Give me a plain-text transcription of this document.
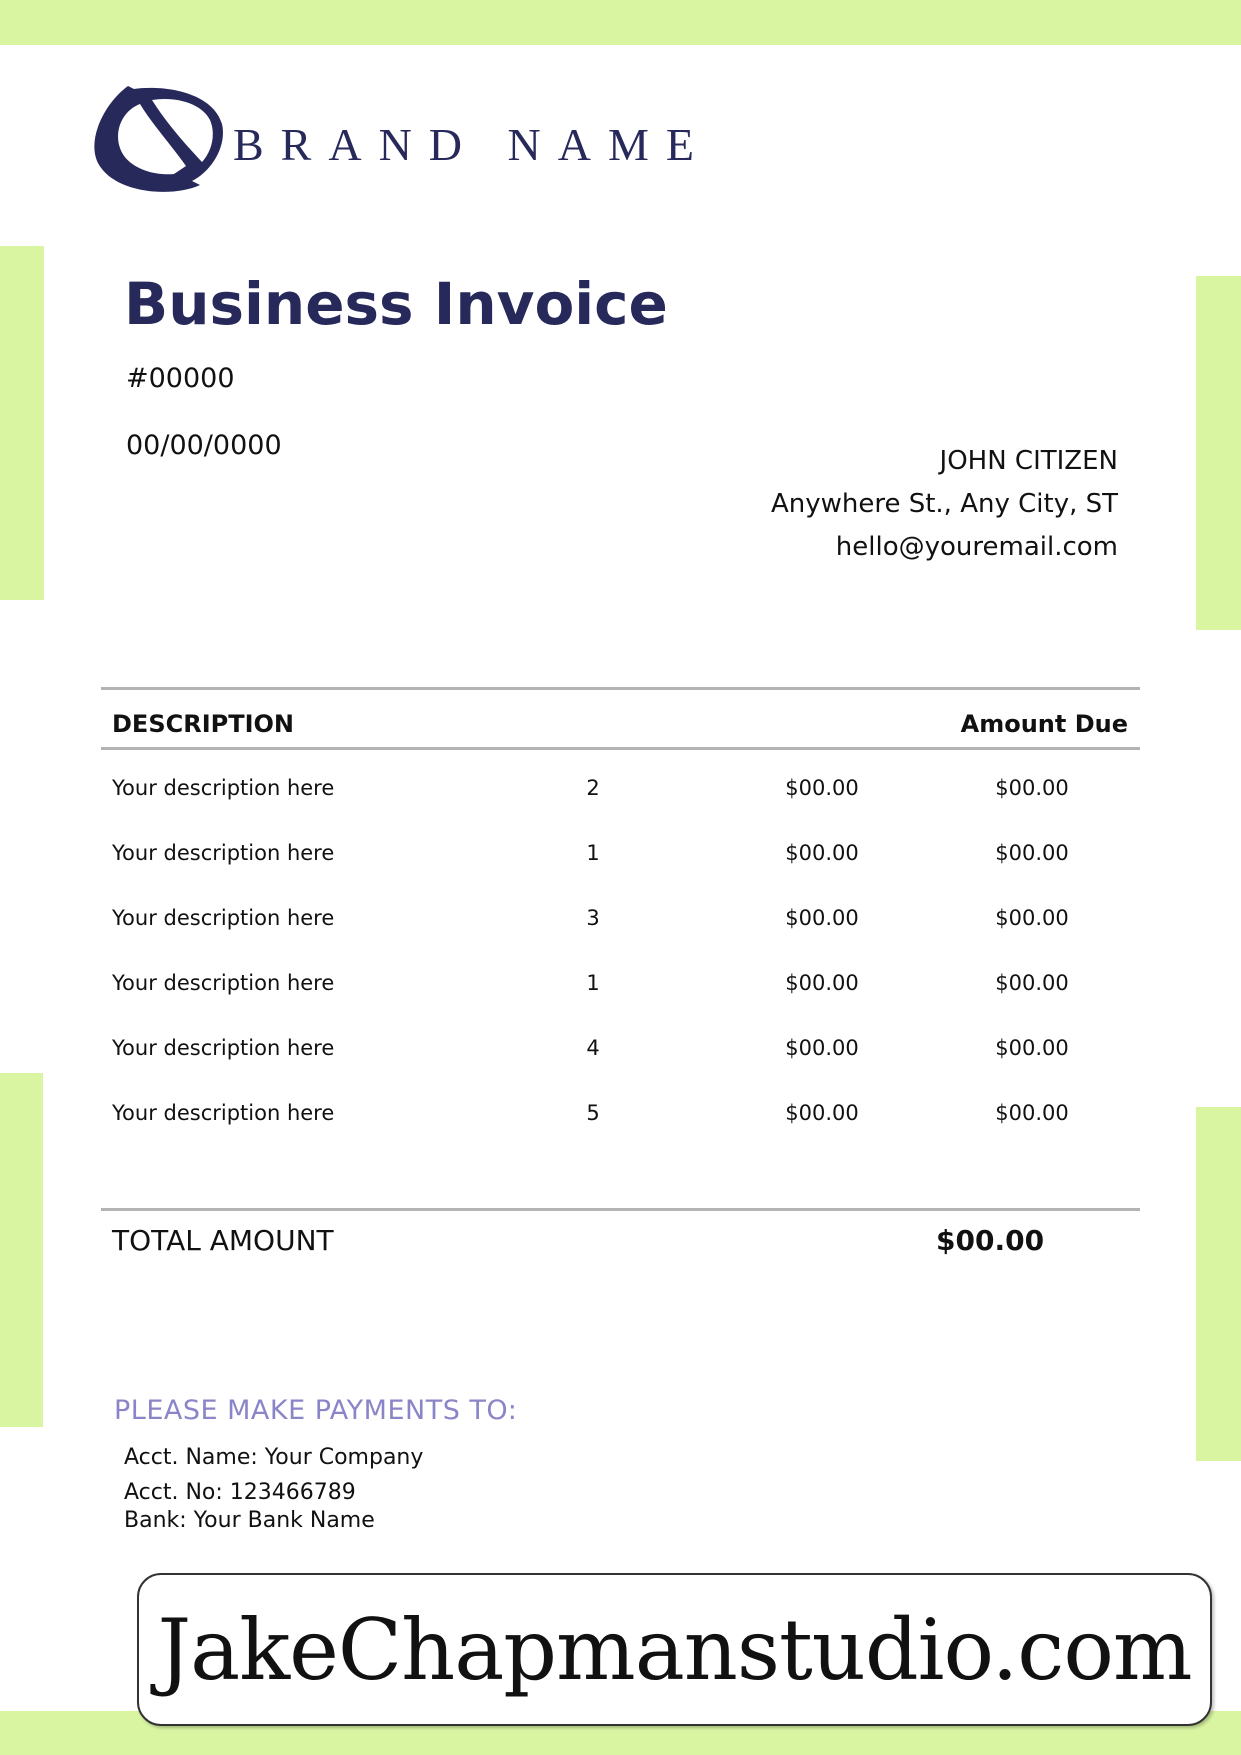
BRAND NAME
Business Invoice
#00000
00/00/0000	JOHN CITIZEN
Anywhere St., Any City, ST
hello@youremail.com
DESCRIPTION	Amount Due
Your description here	2	$00.00	$00.00
Your description here	1	$00.00	$00.00
Your description here	3	$00.00	$00.00
Your description here	1	$00.00	$00.00
Your description here	4	$00.00	$00.00
Your description here	5	$00.00	$00.00
TOTAL AMOUNT	$00.00
PLEASE MAKE PAYMENTS TO:
Acct. Name: Your Company
Acct. No: 123466789
Bank: Your Bank Name
JakeChapmanstudio.com
